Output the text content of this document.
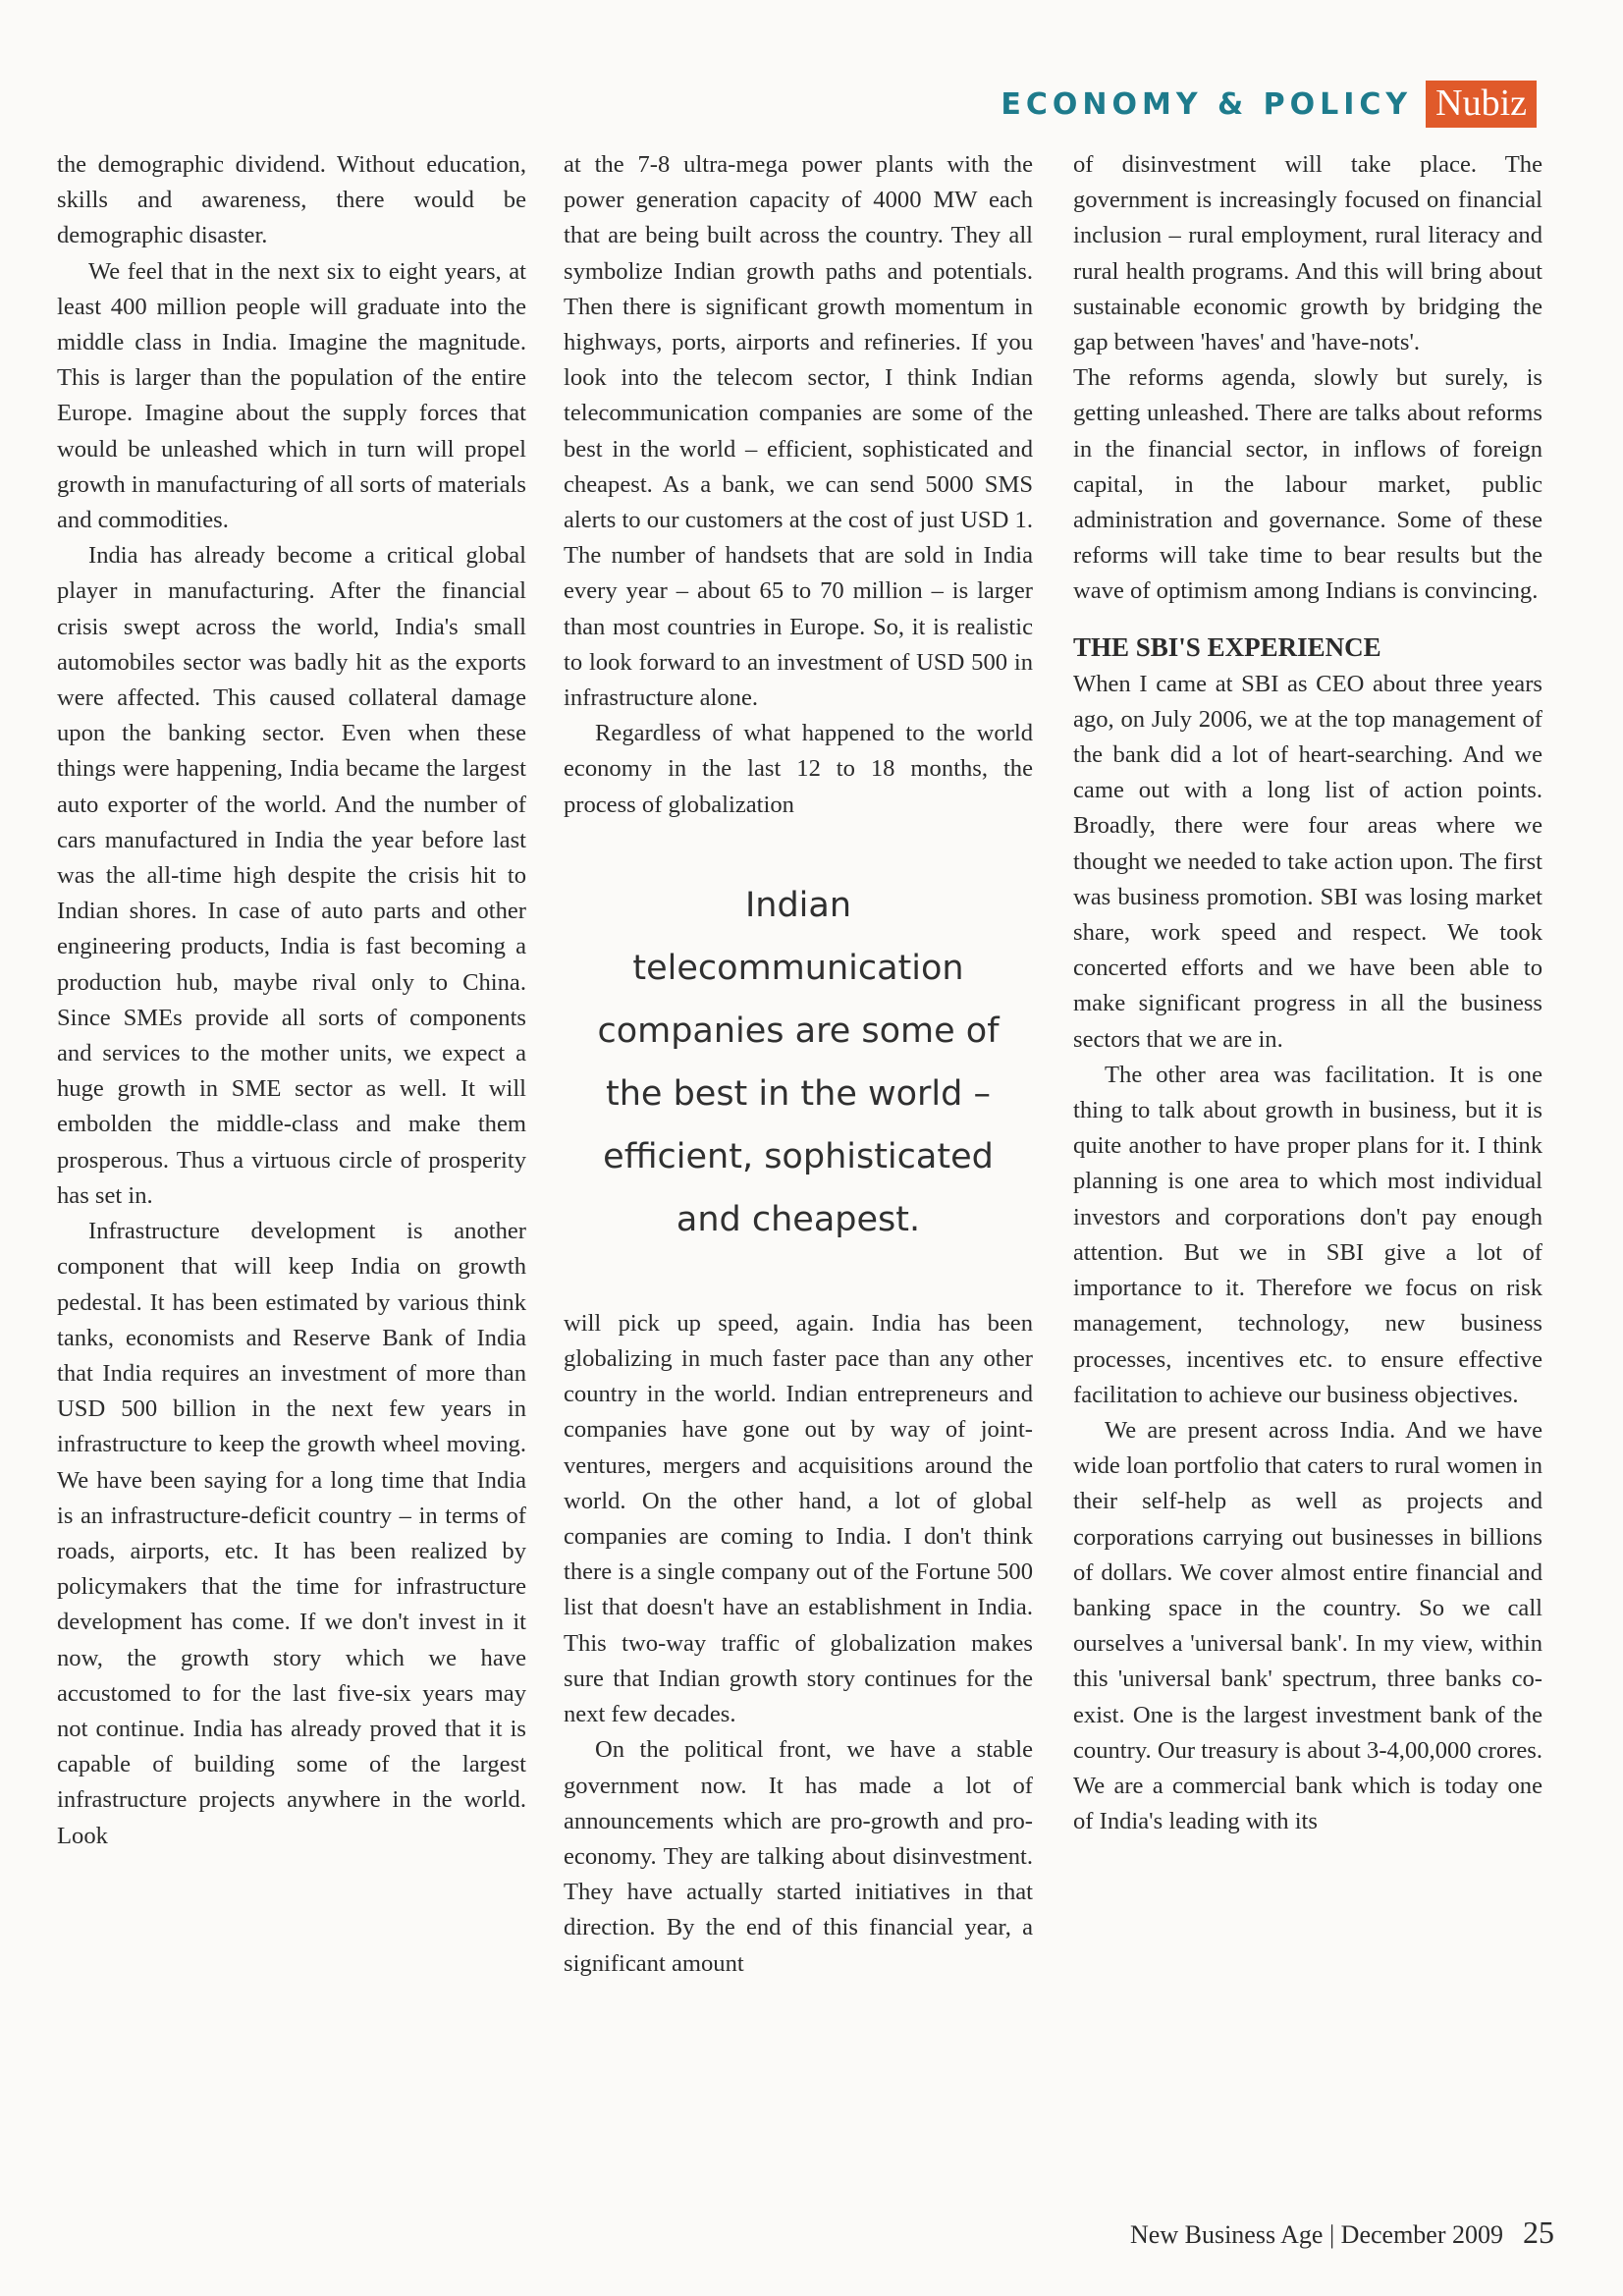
ECONOMY & POLICY Nubiz

the demographic dividend. Without education, skills and awareness, there would be demographic disaster.

We feel that in the next six to eight years, at least 400 million people will graduate into the middle class in India. Imagine the magnitude. This is larger than the population of the entire Europe. Imagine about the supply forces that would be unleashed which in turn will propel growth in manufacturing of all sorts of materials and commodities.

India has already become a critical global player in manufacturing. After the financial crisis swept across the world, India's small automobiles sector was badly hit as the exports were affected. This caused collateral damage upon the banking sector. Even when these things were happening, India became the largest auto exporter of the world. And the number of cars manufactured in India the year before last was the all-time high despite the crisis hit to Indian shores. In case of auto parts and other engineering products, India is fast becoming a production hub, maybe rival only to China. Since SMEs provide all sorts of components and services to the mother units, we expect a huge growth in SME sector as well. It will embolden the middle-class and make them prosperous. Thus a virtuous circle of prosperity has set in.

Infrastructure development is another component that will keep India on growth pedestal. It has been estimated by various think tanks, economists and Reserve Bank of India that India requires an investment of more than USD 500 billion in the next few years in infrastructure to keep the growth wheel moving. We have been saying for a long time that India is an infrastructure-deficit country – in terms of roads, airports, etc. It has been realized by policymakers that the time for infrastructure development has come. If we don't invest in it now, the growth story which we have accustomed to for the last five-six years may not continue. India has already proved that it is capable of building some of the largest infrastructure projects anywhere in the world. Look

at the 7-8 ultra-mega power plants with the power generation capacity of 4000 MW each that are being built across the country. They all symbolize Indian growth paths and potentials. Then there is significant growth momentum in highways, ports, airports and refineries. If you look into the telecom sector, I think Indian telecommunication companies are some of the best in the world – efficient, sophisticated and cheapest. As a bank, we can send 5000 SMS alerts to our customers at the cost of just USD 1. The number of handsets that are sold in India every year – about 65 to 70 million – is larger than most countries in Europe. So, it is realistic to look forward to an investment of USD 500 in infrastructure alone.

Regardless of what happened to the world economy in the last 12 to 18 months, the process of globalization

Indian telecommunication companies are some of the best in the world – efficient, sophisticated and cheapest.

will pick up speed, again. India has been globalizing in much faster pace than any other country in the world. Indian entrepreneurs and companies have gone out by way of joint-ventures, mergers and acquisitions around the world. On the other hand, a lot of global companies are coming to India. I don't think there is a single company out of the Fortune 500 list that doesn't have an establishment in India. This two-way traffic of globalization makes sure that Indian growth story continues for the next few decades.

On the political front, we have a stable government now. It has made a lot of announcements which are pro-growth and pro-economy. They are talking about disinvestment. They have actually started initiatives in that direction. By the end of this financial year, a significant amount

of disinvestment will take place. The government is increasingly focused on financial inclusion – rural employment, rural literacy and rural health programs. And this will bring about sustainable economic growth by bridging the gap between 'haves' and 'have-nots'.

The reforms agenda, slowly but surely, is getting unleashed. There are talks about reforms in the financial sector, in inflows of foreign capital, in the labour market, public administration and governance. Some of these reforms will take time to bear results but the wave of optimism among Indians is convincing.

THE SBI'S EXPERIENCE

When I came at SBI as CEO about three years ago, on July 2006, we at the top management of the bank did a lot of heart-searching. And we came out with a long list of action points. Broadly, there were four areas where we thought we needed to take action upon. The first was business promotion. SBI was losing market share, work speed and respect. We took concerted efforts and we have been able to make significant progress in all the business sectors that we are in.

The other area was facilitation. It is one thing to talk about growth in business, but it is quite another to have proper plans for it. I think planning is one area to which most individual investors and corporations don't pay enough attention. But we in SBI give a lot of importance to it. Therefore we focus on risk management, technology, new business processes, incentives etc. to ensure effective facilitation to achieve our business objectives.

We are present across India. And we have wide loan portfolio that caters to rural women in their self-help as well as projects and corporations carrying out businesses in billions of dollars. We cover almost entire financial and banking space in the country. So we call ourselves a 'universal bank'. In my view, within this 'universal bank' spectrum, three banks co-exist. One is the largest investment bank of the country. Our treasury is about 3-4,00,000 crores. We are a commercial bank which is today one of India's leading with its

New Business Age | December 2009 25
